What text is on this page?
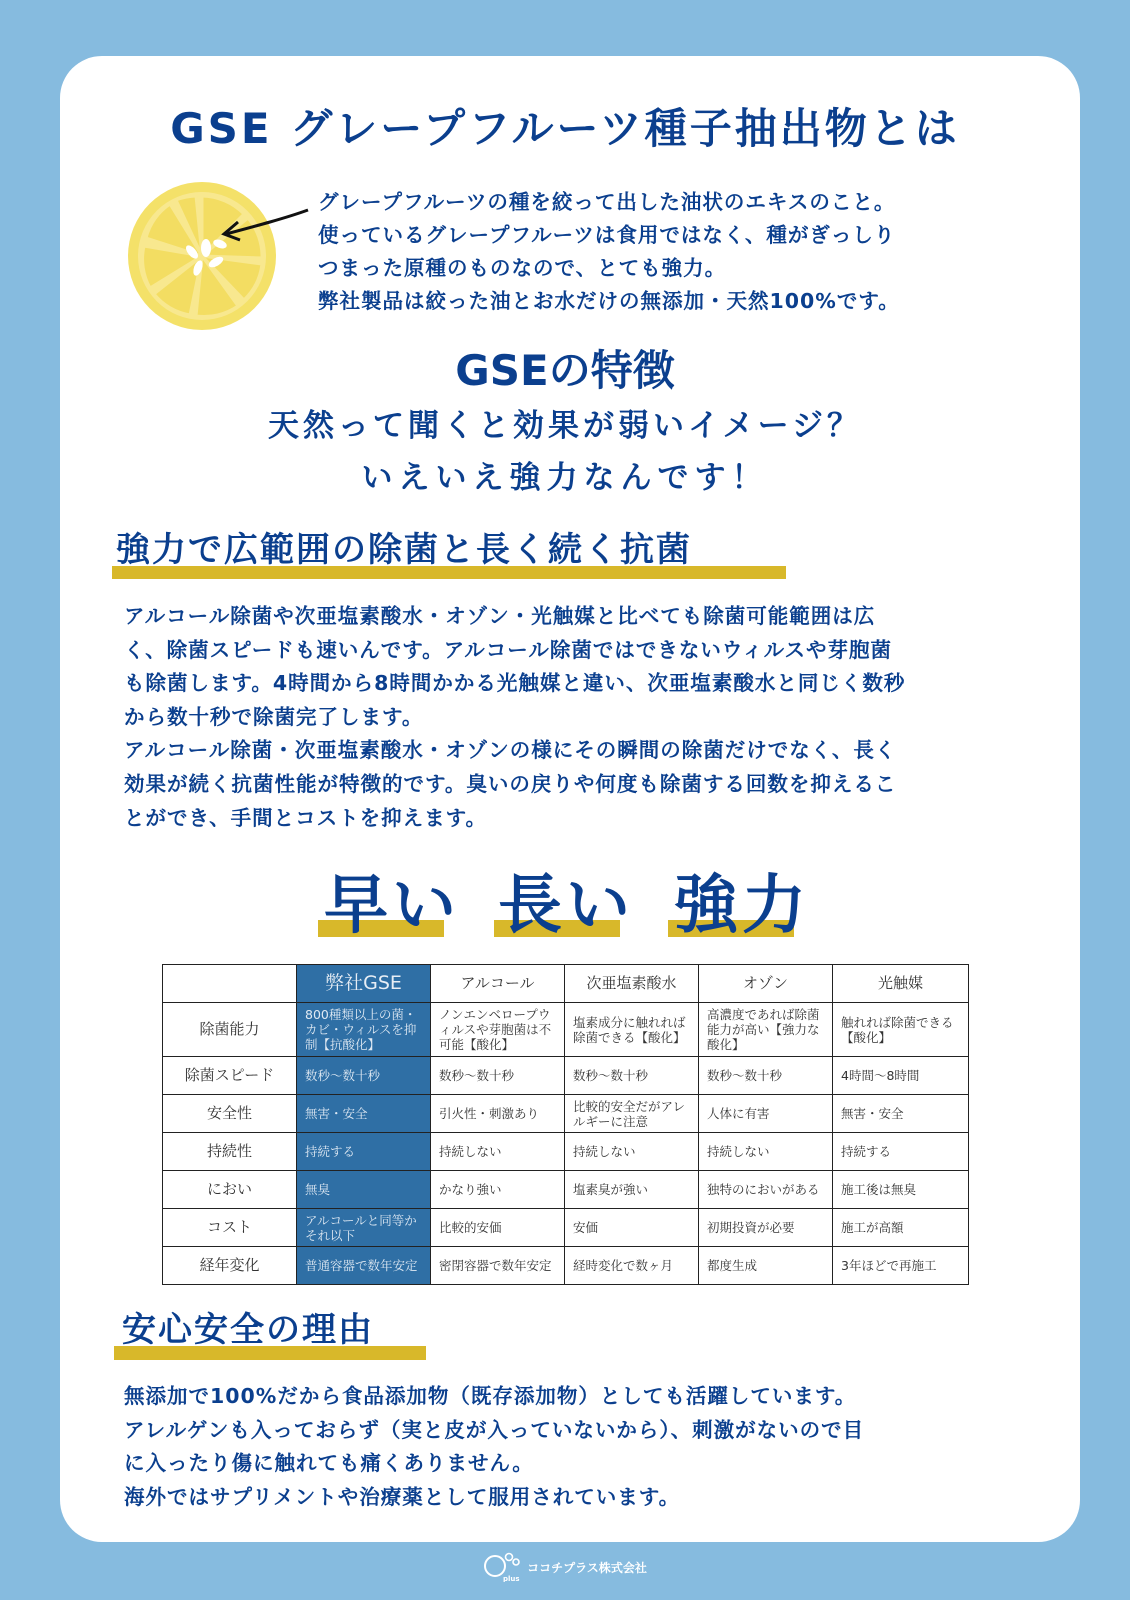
GSE グレープフルーツ種子抽出物とは

グレープフルーツの種を絞って出した油状のエキスのこと。

使っているグレープフルーツは食用ではなく、種がぎっしり

つまった原種のものなので、とても強力。

弊社製品は絞った油とお水だけの無添加・天然100%です。

GSEの特徴
天然って聞くと効果が弱いイメージ？
いえいえ強力なんです！
強力で広範囲の除菌と長く続く抗菌

アルコール除菌や次亜塩素酸水・オゾン・光触媒と比べても除菌可能範囲は広

く、除菌スピードも速いんです。アルコール除菌ではできないウィルスや芽胞菌

も除菌します。4時間から8時間かかる光触媒と違い、次亜塩素酸水と同じく数秒

から数十秒で除菌完了します。

アルコール除菌・次亜塩素酸水・オゾンの様にその瞬間の除菌だけでなく、長く

効果が続く抗菌性能が特徴的です。臭いの戻りや何度も除菌する回数を抑えるこ

とができ、手間とコストを抑えます。

早い 長い 強力
	弊社GSE	アルコール	次亜塩素酸水	オゾン	光触媒
除菌能力	800種類以上の菌・カビ・ウィルスを抑制【抗酸化】	ノンエンベロープウィルスや芽胞菌は不可能【酸化】	塩素成分に触れれば除菌できる【酸化】	高濃度であれば除菌能力が高い【強力な酸化】	触れれば除菌できる【酸化】
除菌スピード	数秒〜数十秒	数秒〜数十秒	数秒〜数十秒	数秒〜数十秒	4時間〜8時間
安全性	無害・安全	引火性・刺激あり	比較的安全だがアレルギーに注意	人体に有害	無害・安全
持続性	持続する	持続しない	持続しない	持続しない	持続する
におい	無臭	かなり強い	塩素臭が強い	独特のにおいがある	施工後は無臭
コスト	アルコールと同等かそれ以下	比較的安価	安価	初期投資が必要	施工が高額
経年変化	普通容器で数年安定	密閉容器で数年安定	経時変化で数ヶ月	都度生成	3年ほどで再施工
安心安全の理由

無添加で100%だから食品添加物（既存添加物）としても活躍しています。

アレルゲンも入っておらず（実と皮が入っていないから）、刺激がないので目

に入ったり傷に触れても痛くありません。

海外ではサプリメントや治療薬として服用されています。

plus
ココチプラス株式会社
